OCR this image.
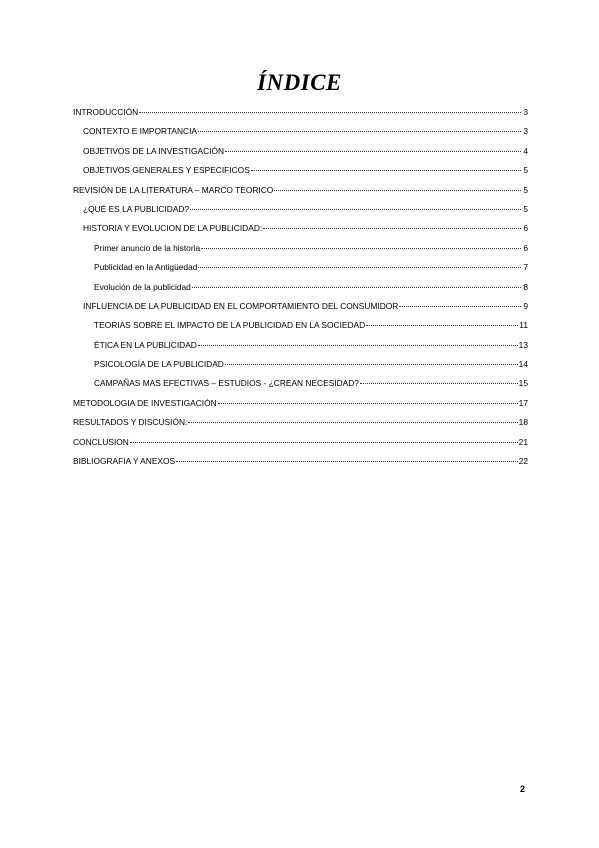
ÍNDICE
INTRODUCCIÓN	3
CONTEXTO E IMPORTANCIA	3
OBJETIVOS DE LA INVESTIGACIÓN	4
OBJETIVOS GENERALES Y ESPECIFICOS	5
REVISIÓN DE LA LITERATURA – MARCO TEORICO	5
¿QUÉ ES LA PUBLICIDAD?	5
HISTORIA Y EVOLUCION DE LA PUBLICIDAD:	6
Primer anuncio de la historia	6
Publicidad en la Antigüedad	7
Evolución de la publicidad	8
INFLUENCIA DE LA PUBLICIDAD EN EL COMPORTAMIENTO DEL CONSUMIDOR	9
TEORIAS SOBRE EL IMPACTO DE LA PUBLICIDAD EN LA SOCIEDAD	11
ÉTICA EN LA PUBLICIDAD	13
PSICOLOGÍA DE LA PUBLICIDAD	14
CAMPAÑAS MAS EFECTIVAS – ESTUDIOS - ¿CREAN NECESIDAD?	15
METODOLOGIA DE INVESTIGACIÓN	17
RESULTADOS Y DISCUSIÓN:	18
CONCLUSION	21
BIBLIOGRAFIA Y ANEXOS	22
2
